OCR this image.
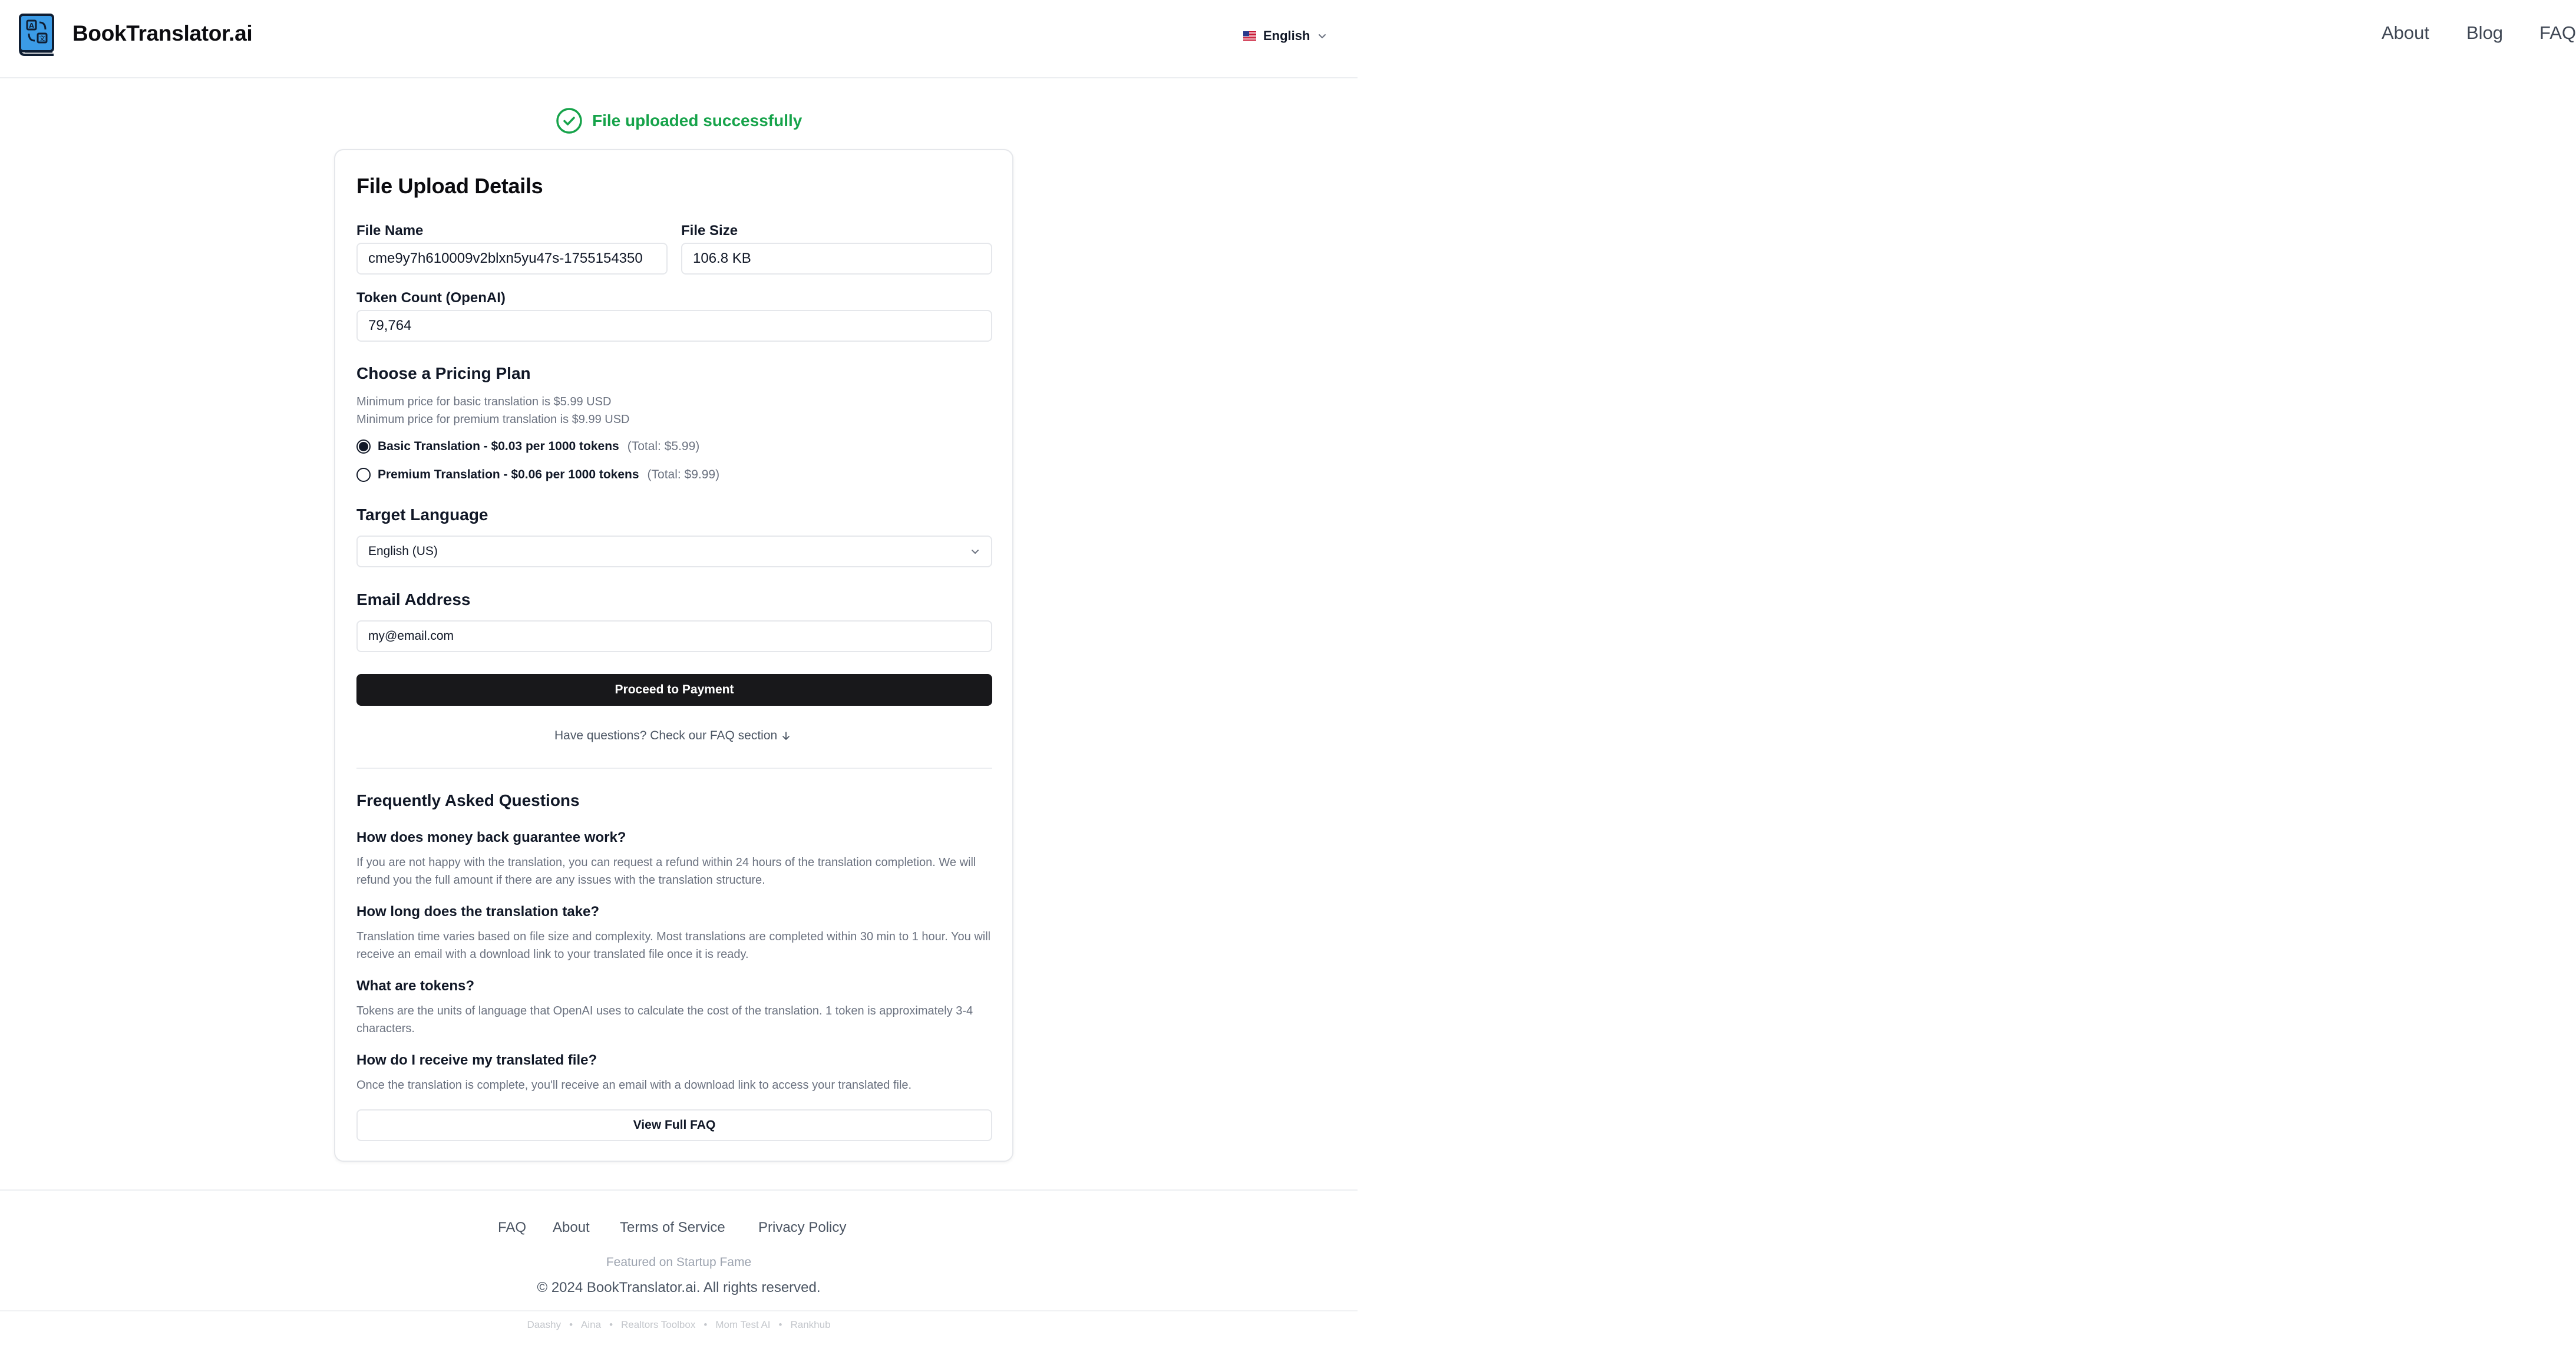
A
文 BookTranslator.ai	About Blog FAQ
English
File uploaded successfully
File Upload Details
File Name
cme9y7h610009v2blxn5yu47s-1755154350
File Size
106.8 KB
Token Count (OpenAI)
79,764
Choose a Pricing Plan
Minimum price for basic translation is $5.99 USD
Minimum price for premium translation is $9.99 USD
Basic Translation - $0.03 per 1000 tokens (Total: $5.99)
Premium Translation - $0.06 per 1000 tokens (Total: $9.99)
Target Language
English (US)
Email Address
my@email.com
Proceed to Payment
Have questions? Check our FAQ section
Frequently Asked Questions
How does money back guarantee work?
If you are not happy with the translation, you can request a refund within 24 hours of the translation completion. We will refund you the full amount if there are any issues with the translation structure.
How long does the translation take?
Translation time varies based on file size and complexity. Most translations are completed within 30 min to 1 hour. You will receive an email with a download link to your translated file once it is ready.
What are tokens?
Tokens are the units of language that OpenAI uses to calculate the cost of the translation. 1 token is approximately 3-4 characters.
How do I receive my translated file?
Once the translation is complete, you'll receive an email with a download link to access your translated file.
View Full FAQ
FAQ About Terms of Service Privacy Policy
Featured on Startup Fame
© 2024 BookTranslator.ai. All rights reserved.
Daashy • Aina • Realtors Toolbox • Mom Test AI • Rankhub
